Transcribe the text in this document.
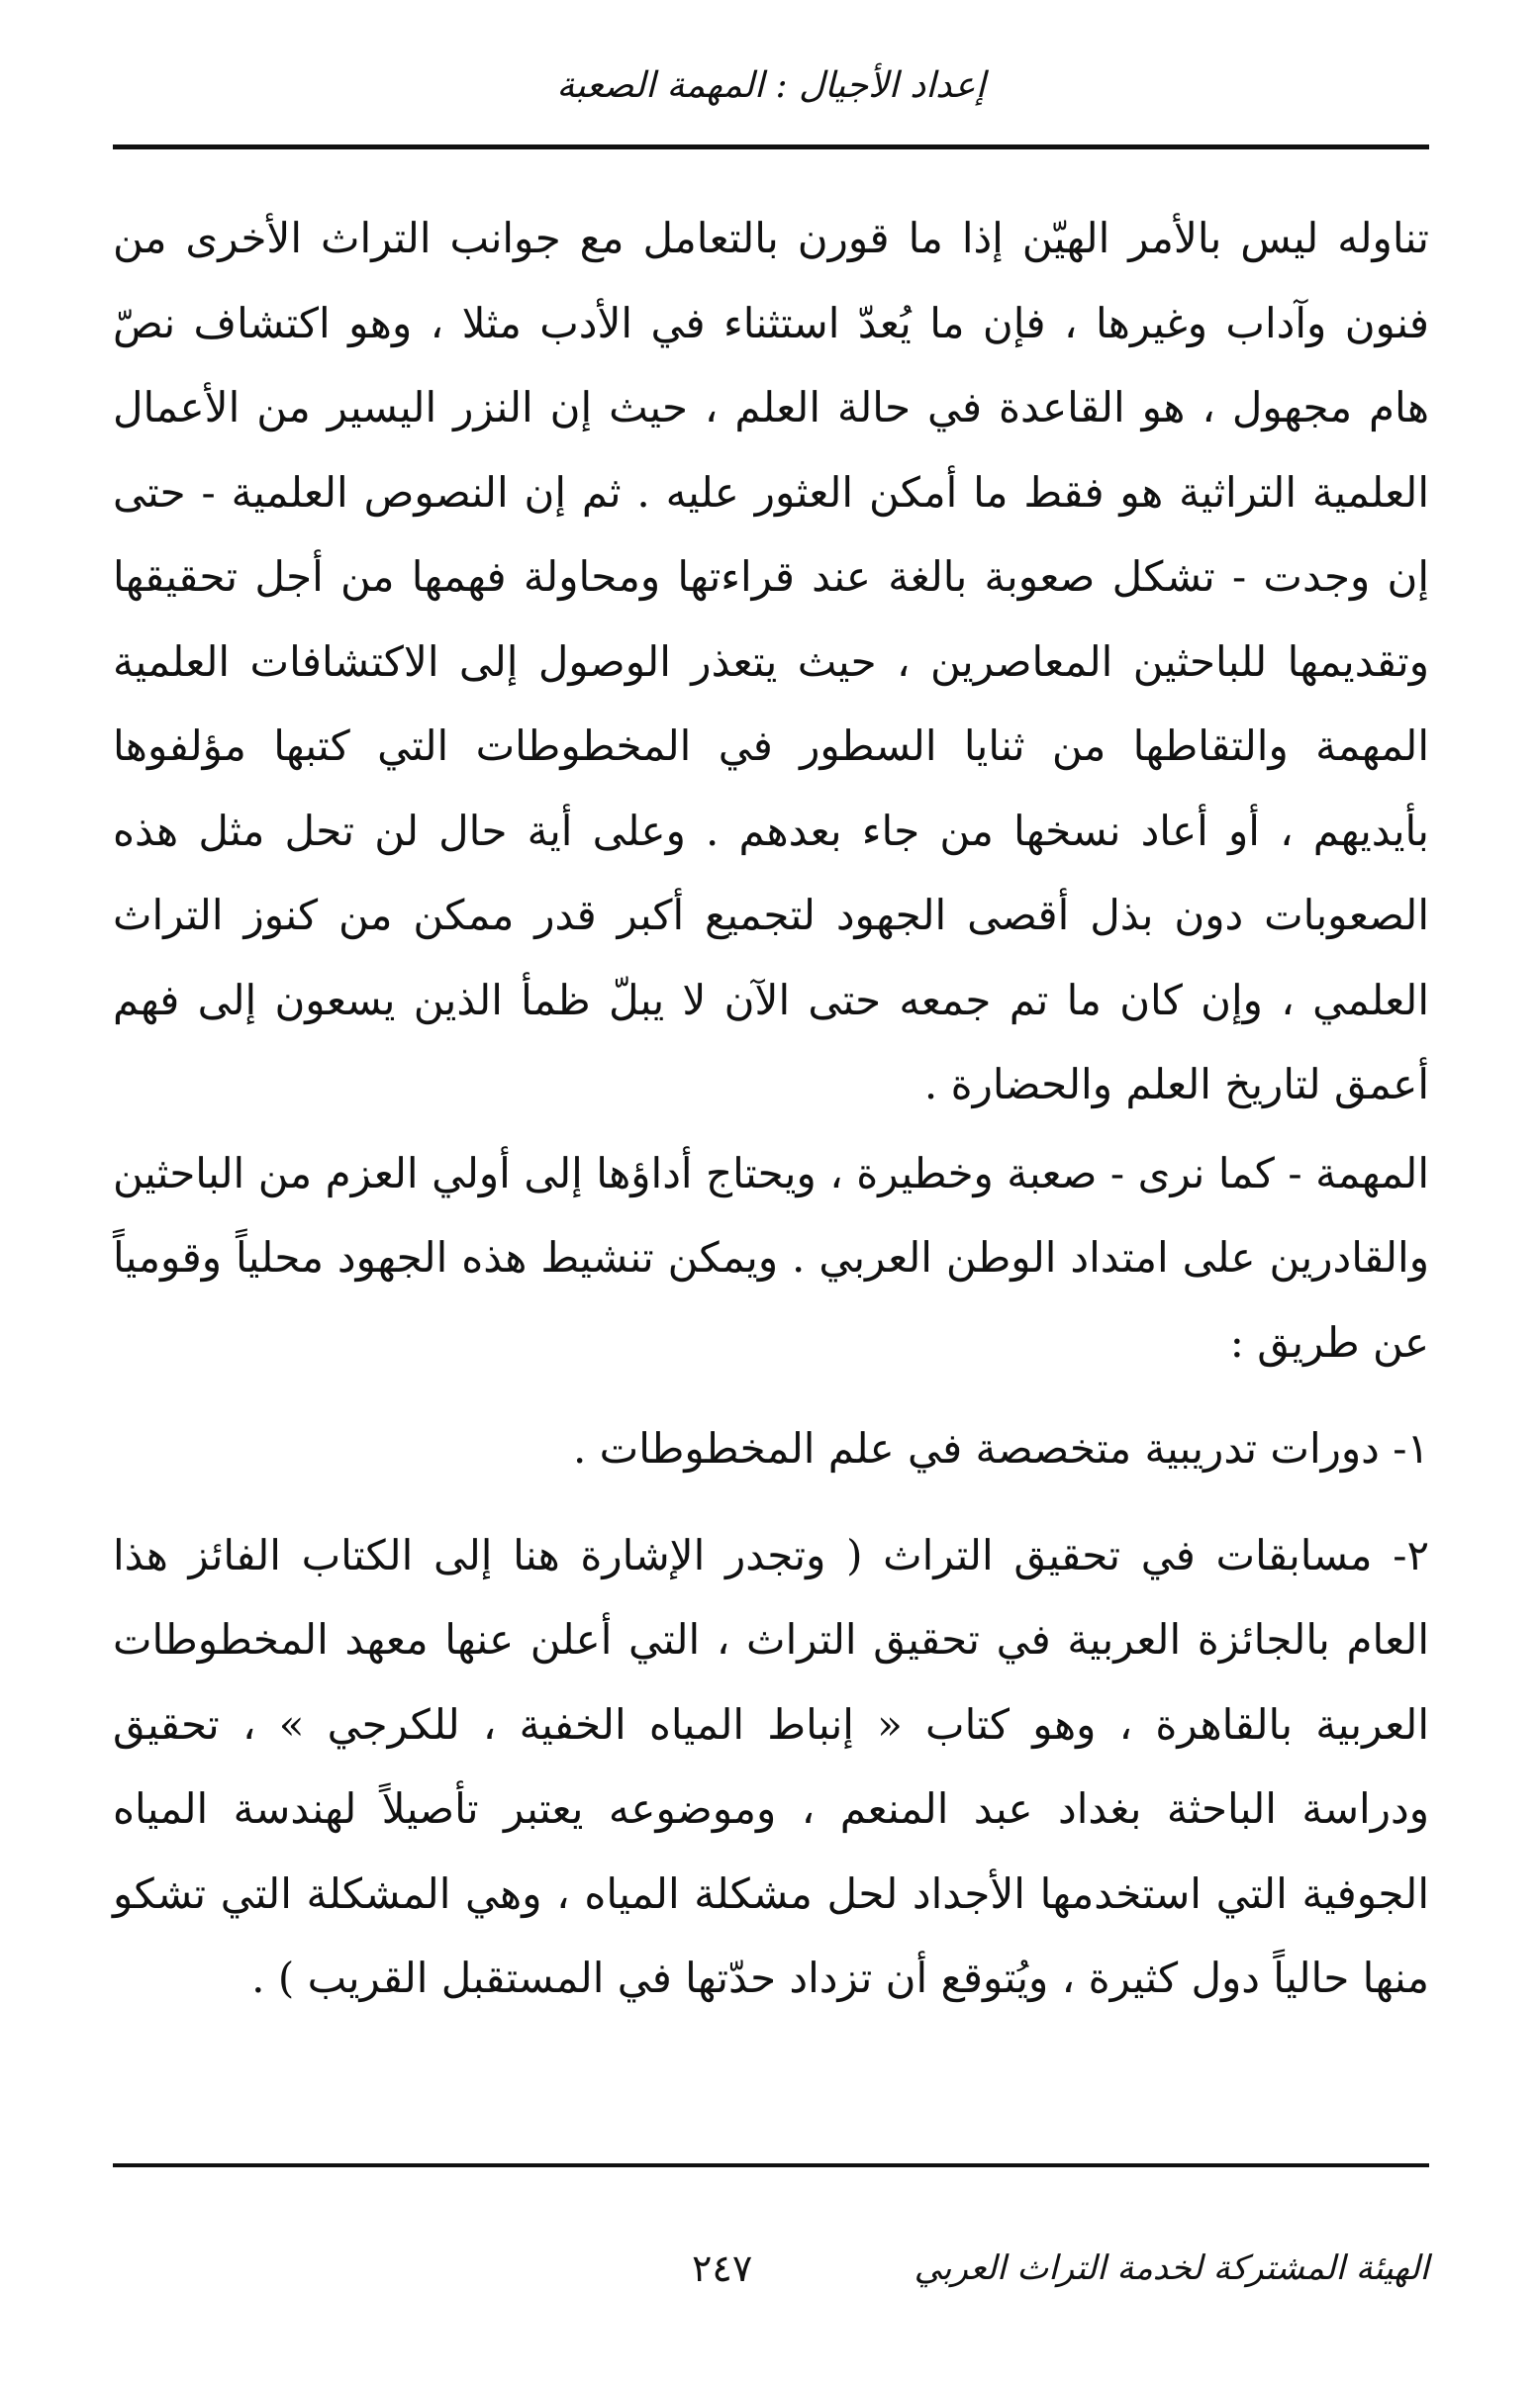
إعداد الأجيال : المهمة الصعبة

تناوله ليس بالأمر الهيّن إذا ما قورن بالتعامل مع جوانب التراث الأخرى من فنون وآداب وغيرها ، فإن ما يُعدّ استثناء في الأدب مثلا ، وهو اكتشاف نصّ هام مجهول ، هو القاعدة في حالة العلم ، حيث إن النزر اليسير من الأعمال العلمية التراثية هو فقط ما أمكن العثور عليه . ثم إن النصوص العلمية - حتى إن وجدت - تشكل صعوبة بالغة عند قراءتها ومحاولة فهمها من أجل تحقيقها وتقديمها للباحثين المعاصرين ، حيث يتعذر الوصول إلى الاكتشافات العلمية المهمة والتقاطها من ثنايا السطور في المخطوطات التي كتبها مؤلفوها بأيديهم ، أو أعاد نسخها من جاء بعدهم . وعلى أية حال لن تحل مثل هذه الصعوبات دون بذل أقصى الجهود لتجميع أكبر قدر ممكن من كنوز التراث العلمي ، وإن كان ما تم جمعه حتى الآن لا يبلّ ظمأ الذين يسعون إلى فهم أعمق لتاريخ العلم والحضارة .

المهمة - كما نرى - صعبة وخطيرة ، ويحتاج أداؤها إلى أولي العزم من الباحثين والقادرين على امتداد الوطن العربي . ويمكن تنشيط هذه الجهود محلياً وقومياً عن طريق :

١- دورات تدريبية متخصصة في علم المخطوطات .

٢- مسابقات في تحقيق التراث ( وتجدر الإشارة هنا إلى الكتاب الفائز هذا العام بالجائزة العربية في تحقيق التراث ، التي أعلن عنها معهد المخطوطات العربية بالقاهرة ، وهو كتاب « إنباط المياه الخفية ، للكرجي » ، تحقيق ودراسة الباحثة بغداد عبد المنعم ، وموضوعه يعتبر تأصيلاً لهندسة المياه الجوفية التي استخدمها الأجداد لحل مشكلة المياه ، وهي المشكلة التي تشكو منها حالياً دول كثيرة ، ويُتوقع أن تزداد حدّتها في المستقبل القريب ) .

الهيئة المشتركة لخدمة التراث العربي
٢٤٧
